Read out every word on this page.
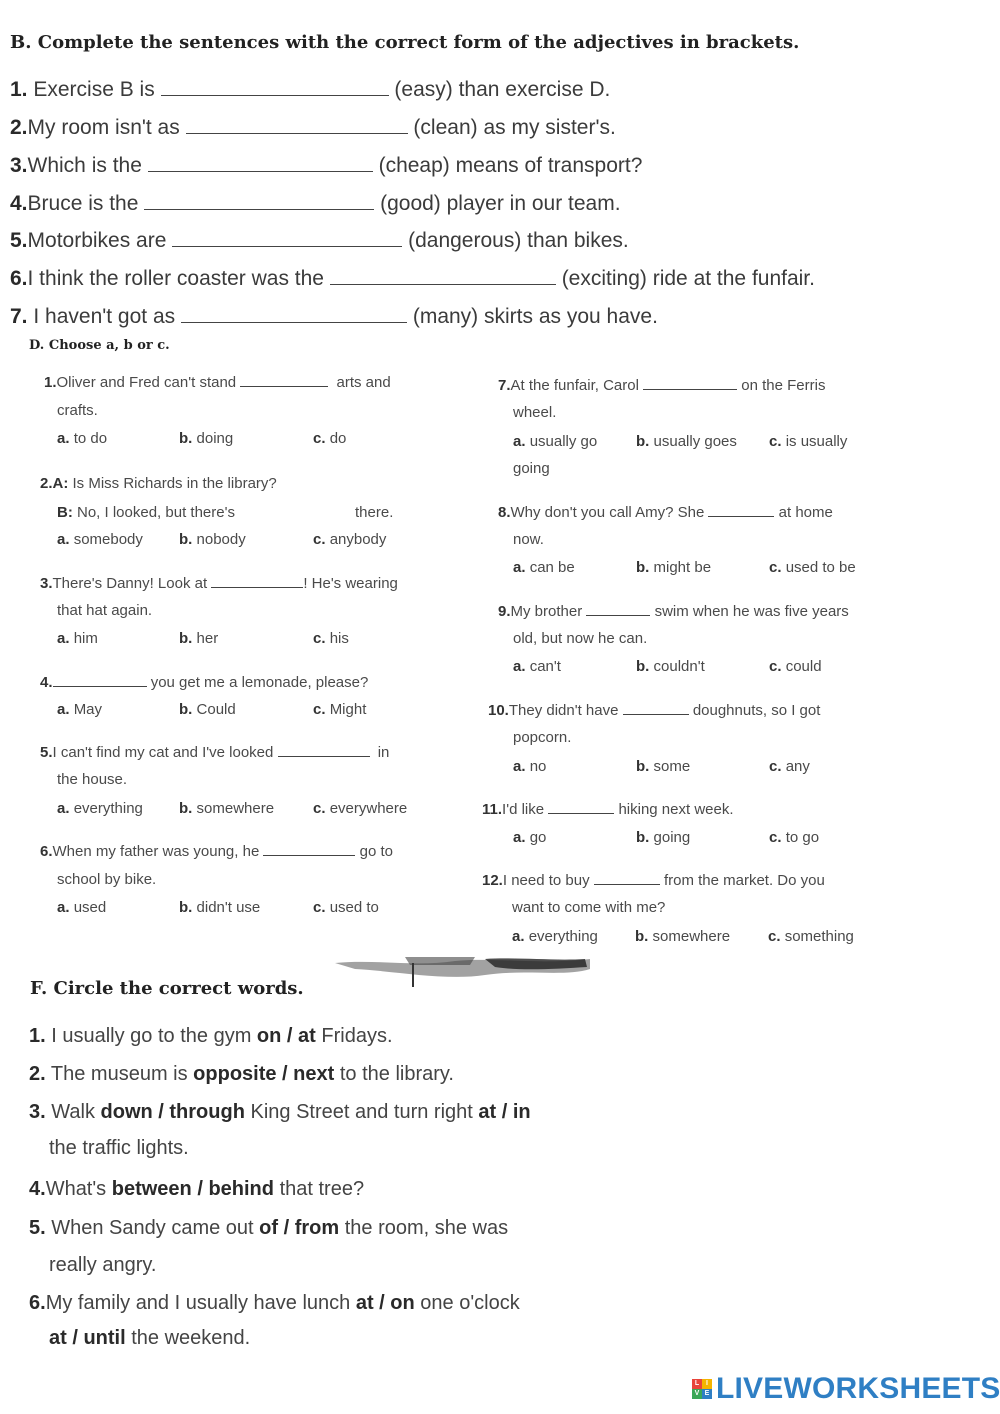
B. Complete the sentences with the correct form of the adjectives in brackets.
1. Exercise B is	(easy) than exercise D.
2.My room isn't as	(clean) as my sister's.
3.Which is the	(cheap) means of transport?
4.Bruce is the	(good) player in our team.
5.Motorbikes are	(dangerous) than bikes.
6.I think the roller coaster was the	(exciting) ride at the funfair.
7. I haven't got as	(many) skirts as you have.
D. Choose a, b or c.
1.Oliver and Fred can't stand	arts and
crafts.
a. to do	b. doing	c. do
2.A: Is Miss Richards in the library?
B: No, I looked, but there's	there.
a. somebody b. nobody	c. anybody
3.There's Danny! Look at	! He's wearing
that hat again.
a. him	b. her	c. his
4.	you get me a lemonade, please?
a. May	b. Could	c. Might
5.I can't find my cat and I've looked	in
the house.
a. everything b. somewhere	c. everywhere
6.When my father was young, he	go to
school by bike.
a. used	b. didn't use	c. used to
7.At the funfair, Carol	on the Ferris
wheel.
a. usually go	b. usually goes c. is usually
going
8.Why don't you call Amy? She	at home
now.
a. can be	b. might be	c. used to be
9.My brother	swim when he was five years
old, but now he can.
a. can't	b. couldn't	c. could
10.They didn't have	doughnuts, so I got
popcorn.
a. no	b. some	c. any
11.I'd like	hiking next week.
a. go	b. going	c. to go
12.I need to buy	from the market. Do you
want to come with me?
a. everything b. somewhere	c. something
F. Circle the correct words.
1. I usually go to the gym on / at Fridays.
2. The museum is opposite / next to the library.
3. Walk down / through King Street and turn right at / in
the traffic lights.
4.What's between / behind that tree?
5. When Sandy came out of / from the room, she was
really angry.
6.My family and I usually have lunch at / on one o'clock
at / until the weekend.
L I
V E LIVEWORKSHEETS
